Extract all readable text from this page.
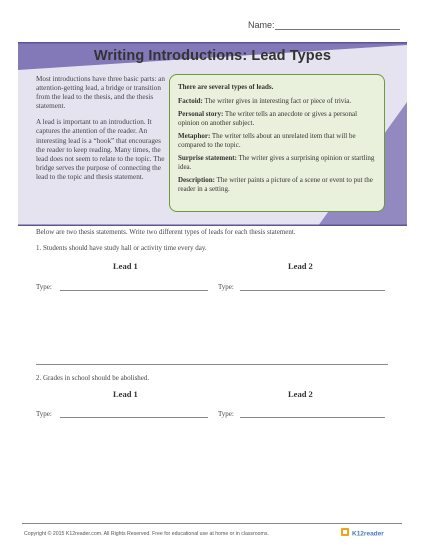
Name:
Writing Introductions: Lead Types

Most introductions have three basic parts: an attention-getting lead, a bridge or transition from the lead to the thesis, and the thesis statement.

A lead is important to an introduction. It captures the attention of the reader. An interesting lead is a “hook” that encourages the reader to keep reading. Many times, the lead does not seem to relate to the topic. The bridge serves the purpose of connecting the lead to the topic and thesis statement.

There are several types of leads.
Factoid: The writer gives in interesting fact or piece of trivia.
Personal story: The writer tells an anecdote or gives a personal opinion on another subject.
Metaphor: The writer tells about an unrelated item that will be compared to the topic.
Surprise statement: The writer gives a surprising opinion or startling idea.
Description: The writer paints a picture of a scene or event to put the reader in a setting.
Below are two thesis statements. Write two different types of leads for each thesis statement.
1. Students should have study hall or activity time every day.
Lead 1	Lead 2
Type:	Type:
2. Grades in school should be abolished.
Lead 1	Lead 2
Type:	Type:
Copyright © 2015 K12reader.com. All Rights Reserved. Free for educational use at home or in classrooms.	K12reader
